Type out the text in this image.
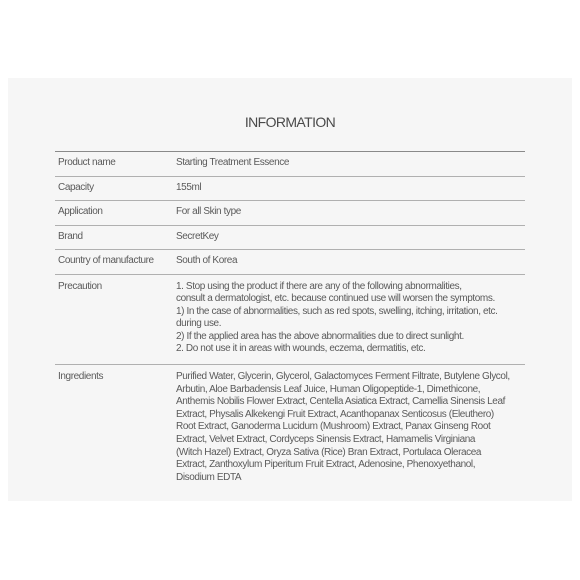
INFORMATION
Product name	Starting Treatment Essence
Capacity	155ml
Application	For all Skin type
Brand	SecretKey
Country of manufacture	South of Korea
Precaution	1. Stop using the product if there are any of the following abnormalities,
consult a dermatologist, etc. because continued use will worsen the symptoms.
1) In the case of abnormalities, such as red spots, swelling, itching, irritation, etc.
during use.
2) If the applied area has the above abnormalities due to direct sunlight.
2. Do not use it in areas with wounds, eczema, dermatitis, etc.
Ingredients	Purified Water, Glycerin, Glycerol, Galactomyces Ferment Filtrate, Butylene Glycol,
Arbutin, Aloe Barbadensis Leaf Juice, Human Oligopeptide-1, Dimethicone,
Anthemis Nobilis Flower Extract, Centella Asiatica Extract, Camellia Sinensis Leaf
Extract, Physalis Alkekengi Fruit Extract, Acanthopanax Senticosus (Eleuthero)
Root Extract, Ganoderma Lucidum (Mushroom) Extract, Panax Ginseng Root
Extract, Velvet Extract, Cordyceps Sinensis Extract, Hamamelis Virginiana
(Witch Hazel) Extract, Oryza Sativa (Rice) Bran Extract, Portulaca Oleracea
Extract, Zanthoxylum Piperitum Fruit Extract, Adenosine, Phenoxyethanol,
Disodium EDTA
